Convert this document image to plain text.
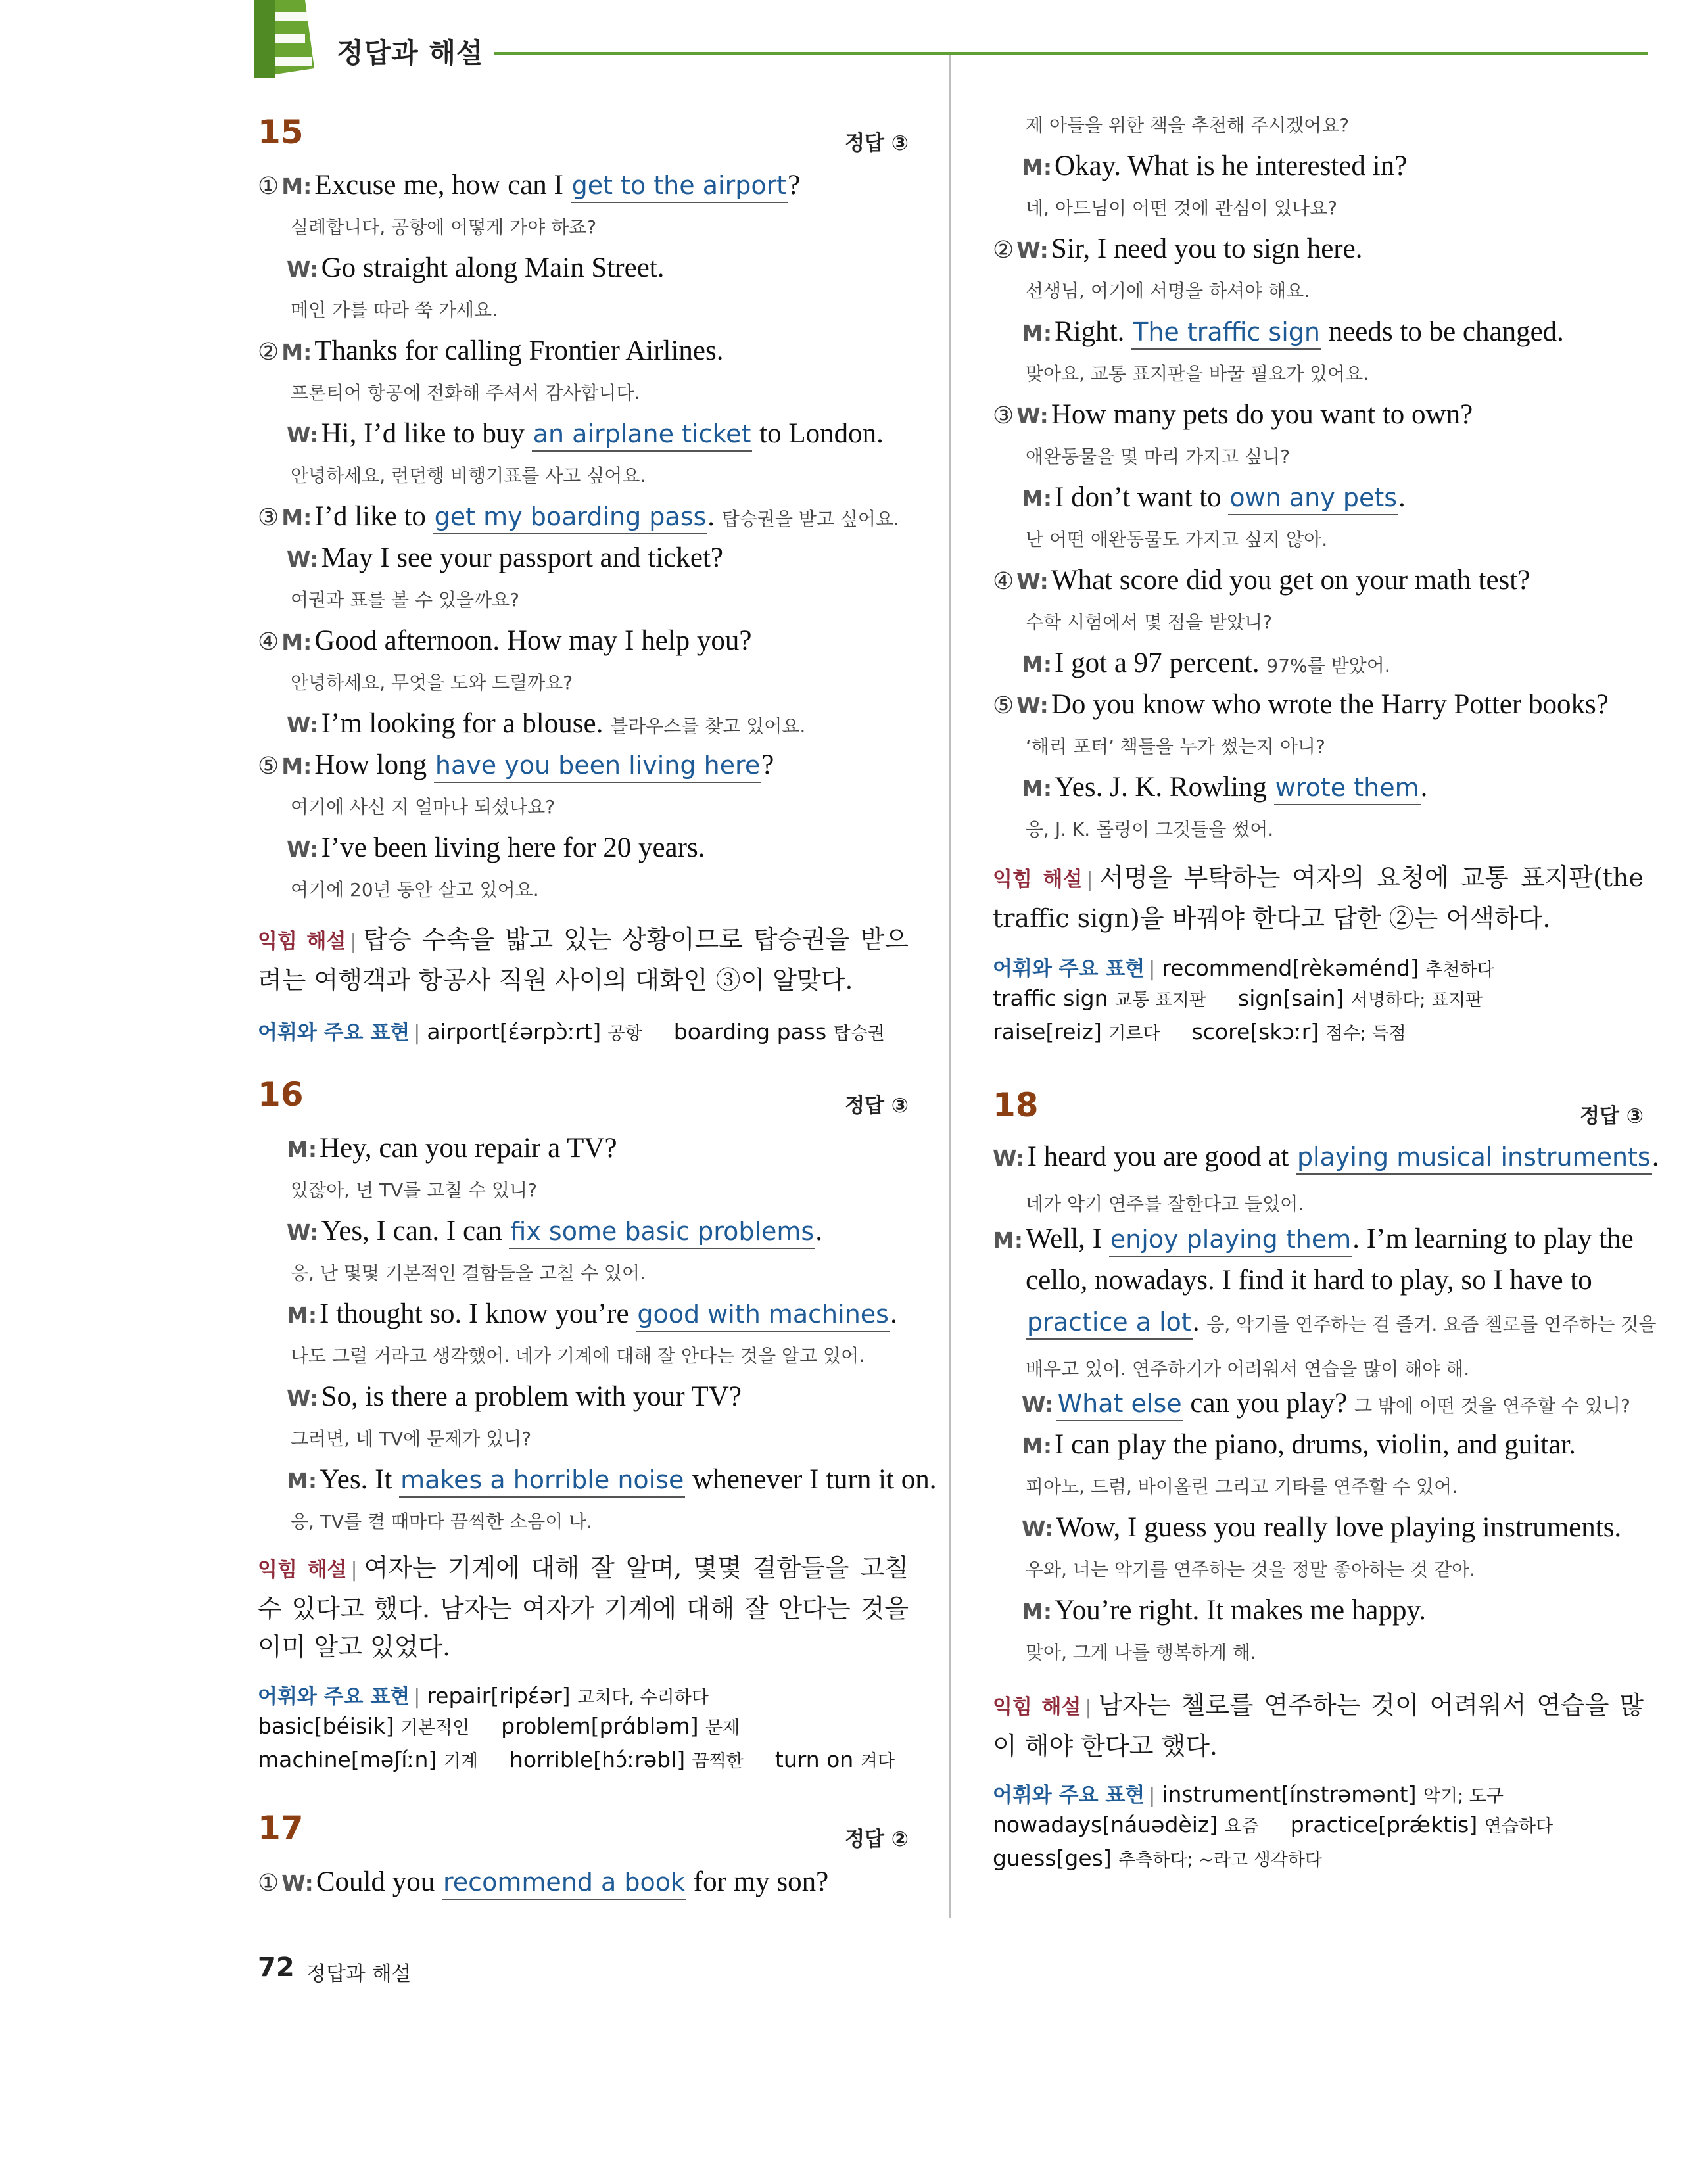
정답과 해설
15	정답 ③
① M: Excuse me, how can I get to the airport?
실례합니다, 공항에 어떻게 가야 하죠?
W: Go straight along Main Street.
메인 가를 따라 쭉 가세요.
② M: Thanks for calling Frontier Airlines.
프론티어 항공에 전화해 주셔서 감사합니다.
W: Hi, I’d like to buy an airplane ticket to London.
안녕하세요, 런던행 비행기표를 사고 싶어요.
③ M: I’d like to get my boarding pass. 탑승권을 받고 싶어요.
W: May I see your passport and ticket?
여권과 표를 볼 수 있을까요?
④ M: Good afternoon. How may I help you?
안녕하세요, 무엇을 도와 드릴까요?
W: I’m looking for a blouse. 블라우스를 찾고 있어요.
⑤ M: How long have you been living here?
여기에 사신 지 얼마나 되셨나요?
W: I’ve been living here for 20 years.
여기에 20년 동안 살고 있어요.
익힘 해설 | 탑승 수속을 밟고 있는 상황이므로 탑승권을 받으려는 여행객과 항공사 직원 사이의 대화인 ③이 알맞다.
어휘와 주요 표현 | airport[ɛ́ərpɔ̀ːrt] 공항 boarding pass 탑승권
16	정답 ③
M: Hey, can you repair a TV?
있잖아, 넌 TV를 고칠 수 있니?
W: Yes, I can. I can fix some basic problems.
응, 난 몇몇 기본적인 결함들을 고칠 수 있어.
M: I thought so. I know you’re good with machines.
나도 그럴 거라고 생각했어. 네가 기계에 대해 잘 안다는 것을 알고 있어.
W: So, is there a problem with your TV?
그러면, 네 TV에 문제가 있니?
M: Yes. It makes a horrible noise whenever I turn it on.
응, TV를 켤 때마다 끔찍한 소음이 나.
익힘 해설 | 여자는 기계에 대해 잘 알며, 몇몇 결함들을 고칠 수 있다고 했다. 남자는 여자가 기계에 대해 잘 안다는 것을 이미 알고 있었다.
basic[béisik] 기본적인 problem[prɑ́bləm] 문제
machine[məʃíːn] 기계 horrible[hɔ́ːrəbl] 끔찍한 turn on 켜다
어휘와 주요 표현 | repair[ripɛ́ər] 고치다, 수리하다
17	정답 ②
① W: Could you recommend a book for my son?
제 아들을 위한 책을 추천해 주시겠어요?
M: Okay. What is he interested in?
네, 아드님이 어떤 것에 관심이 있나요?
② W: Sir, I need you to sign here.
선생님, 여기에 서명을 하셔야 해요.
M: Right. The traffic sign needs to be changed.
맞아요, 교통 표지판을 바꿀 필요가 있어요.
③ W: How many pets do you want to own?
애완동물을 몇 마리 가지고 싶니?
M: I don’t want to own any pets.
난 어떤 애완동물도 가지고 싶지 않아.
④ W: What score did you get on your math test?
수학 시험에서 몇 점을 받았니?
M: I got a 97 percent. 97%를 받았어.
⑤ W: Do you know who wrote the Harry Potter books?
‘해리 포터’ 책들을 누가 썼는지 아니?
M: Yes. J. K. Rowling wrote them.
응, J. K. 롤링이 그것들을 썼어.
익힘 해설 | 서명을 부탁하는 여자의 요청에 교통 표지판(the traffic sign)을 바꿔야 한다고 답한 ②는 어색하다.
traffic sign 교통 표지판 sign[sain] 서명하다; 표지판
raise[reiz] 기르다 score[skɔːr] 점수; 득점
어휘와 주요 표현 | recommend[rèkəménd] 추천하다
18	정답 ③
W: I heard you are good at playing musical instruments.
네가 악기 연주를 잘한다고 들었어.
M: Well, I enjoy playing them. I’m learning to play the
cello, nowadays. I find it hard to play, so I have to
practice a lot. 응, 악기를 연주하는 걸 즐겨. 요즘 첼로를 연주하는 것을
배우고 있어. 연주하기가 어려워서 연습을 많이 해야 해.
W: What else can you play? 그 밖에 어떤 것을 연주할 수 있니?
M: I can play the piano, drums, violin, and guitar.
피아노, 드럼, 바이올린 그리고 기타를 연주할 수 있어.
W: Wow, I guess you really love playing instruments.
우와, 너는 악기를 연주하는 것을 정말 좋아하는 것 같아.
M: You’re right. It makes me happy.
맞아, 그게 나를 행복하게 해.
익힘 해설 | 남자는 첼로를 연주하는 것이 어려워서 연습을 많이 해야 한다고 했다.
nowadays[náuədèiz] 요즘 practice[prǽktis] 연습하다
guess[ges] 추측하다; ~라고 생각하다
어휘와 주요 표현 | instrument[ínstrəmənt] 악기; 도구
72 정답과 해설
